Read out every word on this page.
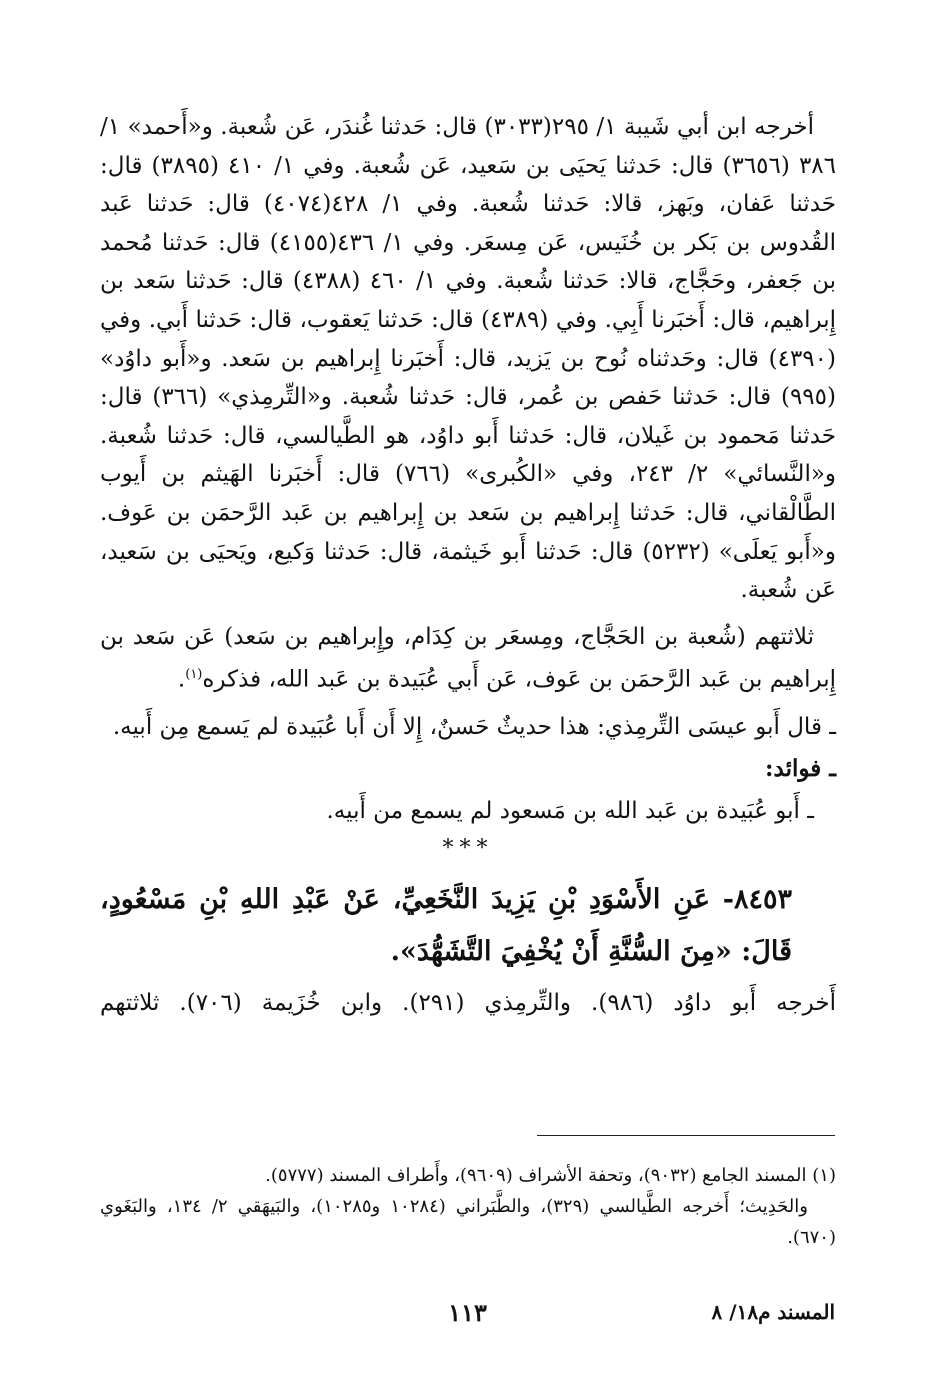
أخرجه ابن أبي شَيبة ١/ ٢٩٥(٣٠٣٣) قال: حَدثنا غُندَر، عَن شُعبة. و«أَحمد» ١/ ٣٨٦ (٣٦٥٦) قال: حَدثنا يَحيَى بن سَعيد، عَن شُعبة. وفي ١/ ٤١٠ (٣٨٩٥) قال: حَدثنا عَفان، وبَهز، قالا: حَدثنا شُعبة. وفي ١/ ٤٢٨(٤٠٧٤) قال: حَدثنا عَبد القُدوس بن بَكر بن خُنَيس، عَن مِسعَر. وفي ١/ ٤٣٦(٤١٥٥) قال: حَدثنا مُحمد بن جَعفر، وحَجَّاج، قالا: حَدثنا شُعبة. وفي ١/ ٤٦٠ (٤٣٨٨) قال: حَدثنا سَعد بن إِبراهيم، قال: أَخبَرنا أَبِي. وفي (٤٣٨٩) قال: حَدثنا يَعقوب، قال: حَدثنا أَبي. وفي (٤٣٩٠) قال: وحَدثناه نُوح بن يَزيد، قال: أَخبَرنا إِبراهيم بن سَعد. و«أَبو داوُد» (٩٩٥) قال: حَدثنا حَفص بن عُمر، قال: حَدثنا شُعبة. و«التِّرمِذي» (٣٦٦) قال: حَدثنا مَحمود بن غَيلان، قال: حَدثنا أَبو داوُد، هو الطَّيالسي، قال: حَدثنا شُعبة. و«النَّسائي» ٢/ ٢٤٣، وفي «الكُبرى» (٧٦٦) قال: أَخبَرنا الهَيثم بن أَيوب الطَّالْقاني، قال: حَدثنا إِبراهيم بن سَعد بن إِبراهيم بن عَبد الرَّحمَن بن عَوف. و«أَبو يَعلَى» (٥٢٣٢) قال: حَدثنا أَبو خَيثمة، قال: حَدثنا وَكيع، ويَحيَى بن سَعيد، عَن شُعبة.

ثلاثتهم (شُعبة بن الحَجَّاج، ومِسعَر بن كِدَام، وإِبراهيم بن سَعد) عَن سَعد بن إِبراهيم بن عَبد الرَّحمَن بن عَوف، عَن أَبي عُبَيدة بن عَبد الله، فذكره$^{(١)}$.

ـ قال أَبو عيسَى التِّرمِذي: هذا حديثٌ حَسنٌ، إِلا أَن أَبا عُبَيدة لم يَسمع مِن أَبيه.

ـ فوائد:

ـ أَبو عُبَيدة بن عَبد الله بن مَسعود لم يسمع من أَبيه.

***

٨٤٥٣- عَنِ الأَسْوَدِ بْنِ يَزِيدَ النَّخَعِيِّ، عَنْ عَبْدِ اللهِ بْنِ مَسْعُودٍ، قَالَ: «مِنَ السُّنَّةِ أَنْ يُخْفِيَ التَّشَهُّدَ».

أَخرجه أَبو داوُد (٩٨٦). والتِّرمِذي (٢٩١). وابن خُزَيمة (٧٠٦). ثلاثتهم

(١) المسند الجامع (٩٠٣٢)، وتحفة الأشراف (٩٦٠٩)، وأَطراف المسند (٥٧٧٧).

والحَدِيث؛ أَخرجه الطَّيالسي (٣٢٩)، والطَّبَراني (١٠٢٨٤ و١٠٢٨٥)، والبَيهَقي ٢/ ١٣٤، والبَغَوي (٦٧٠).

١١٣	المسند م١٨/ ٨
